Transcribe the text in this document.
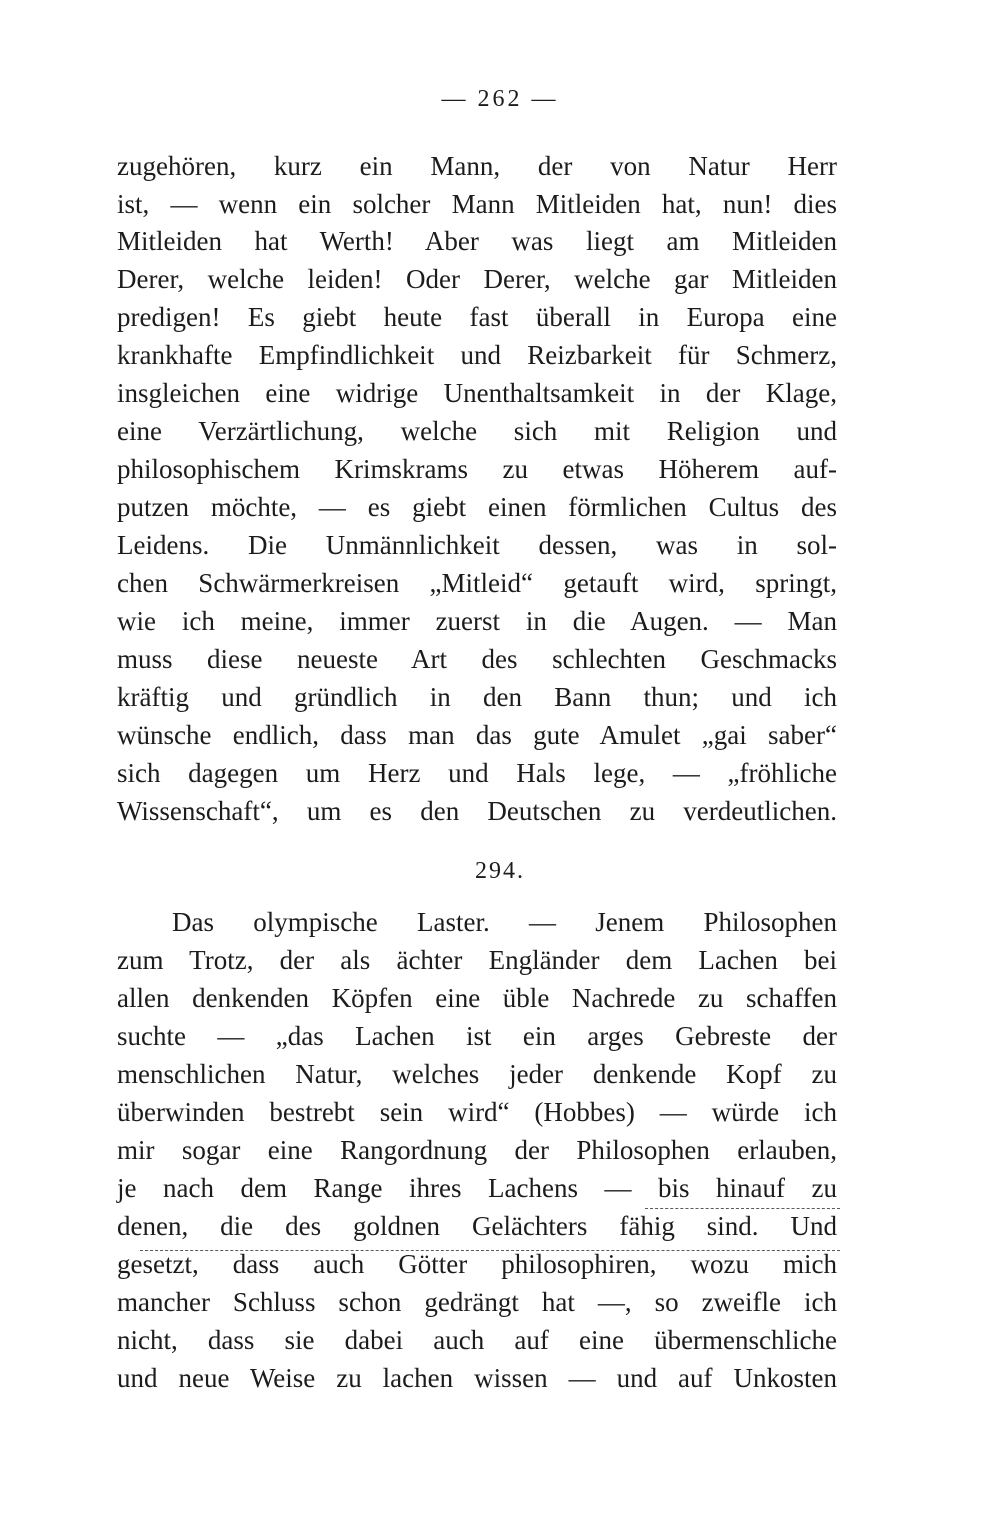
— 262 —
zugehören, kurz ein Mann, der von Natur Herr
ist, — wenn ein solcher Mann Mitleiden hat, nun! dies
Mitleiden hat Werth! Aber was liegt am Mitleiden
Derer, welche leiden! Oder Derer, welche gar Mitleiden
predigen! Es giebt heute fast überall in Europa eine
krankhafte Empfindlichkeit und Reizbarkeit für Schmerz,
insgleichen eine widrige Unenthaltsamkeit in der Klage,
eine Verzärtlichung, welche sich mit Religion und
philosophischem Krimskrams zu etwas Höherem auf-
putzen möchte, — es giebt einen förmlichen Cultus des
Leidens. Die Unmännlichkeit dessen, was in sol-
chen Schwärmerkreisen „Mitleid“ getauft wird, springt,
wie ich meine, immer zuerst in die Augen. — Man
muss diese neueste Art des schlechten Geschmacks
kräftig und gründlich in den Bann thun; und ich
wünsche endlich, dass man das gute Amulet „gai saber“
sich dagegen um Herz und Hals lege, — „fröhliche
Wissenschaft“, um es den Deutschen zu verdeutlichen.
294.
Das olympische Laster. — Jenem Philosophen
zum Trotz, der als ächter Engländer dem Lachen bei
allen denkenden Köpfen eine üble Nachrede zu schaffen
suchte — „das Lachen ist ein arges Gebreste der
menschlichen Natur, welches jeder denkende Kopf zu
überwinden bestrebt sein wird“ (Hobbes) — würde ich
mir sogar eine Rangordnung der Philosophen erlauben,
je nach dem Range ihres Lachens — bis hinauf zu
denen, die des goldnen Gelächters fähig sind. Und
gesetzt, dass auch Götter philosophiren, wozu mich
mancher Schluss schon gedrängt hat —, so zweifle ich
nicht, dass sie dabei auch auf eine übermenschliche
und neue Weise zu lachen wissen — und auf Unkosten
